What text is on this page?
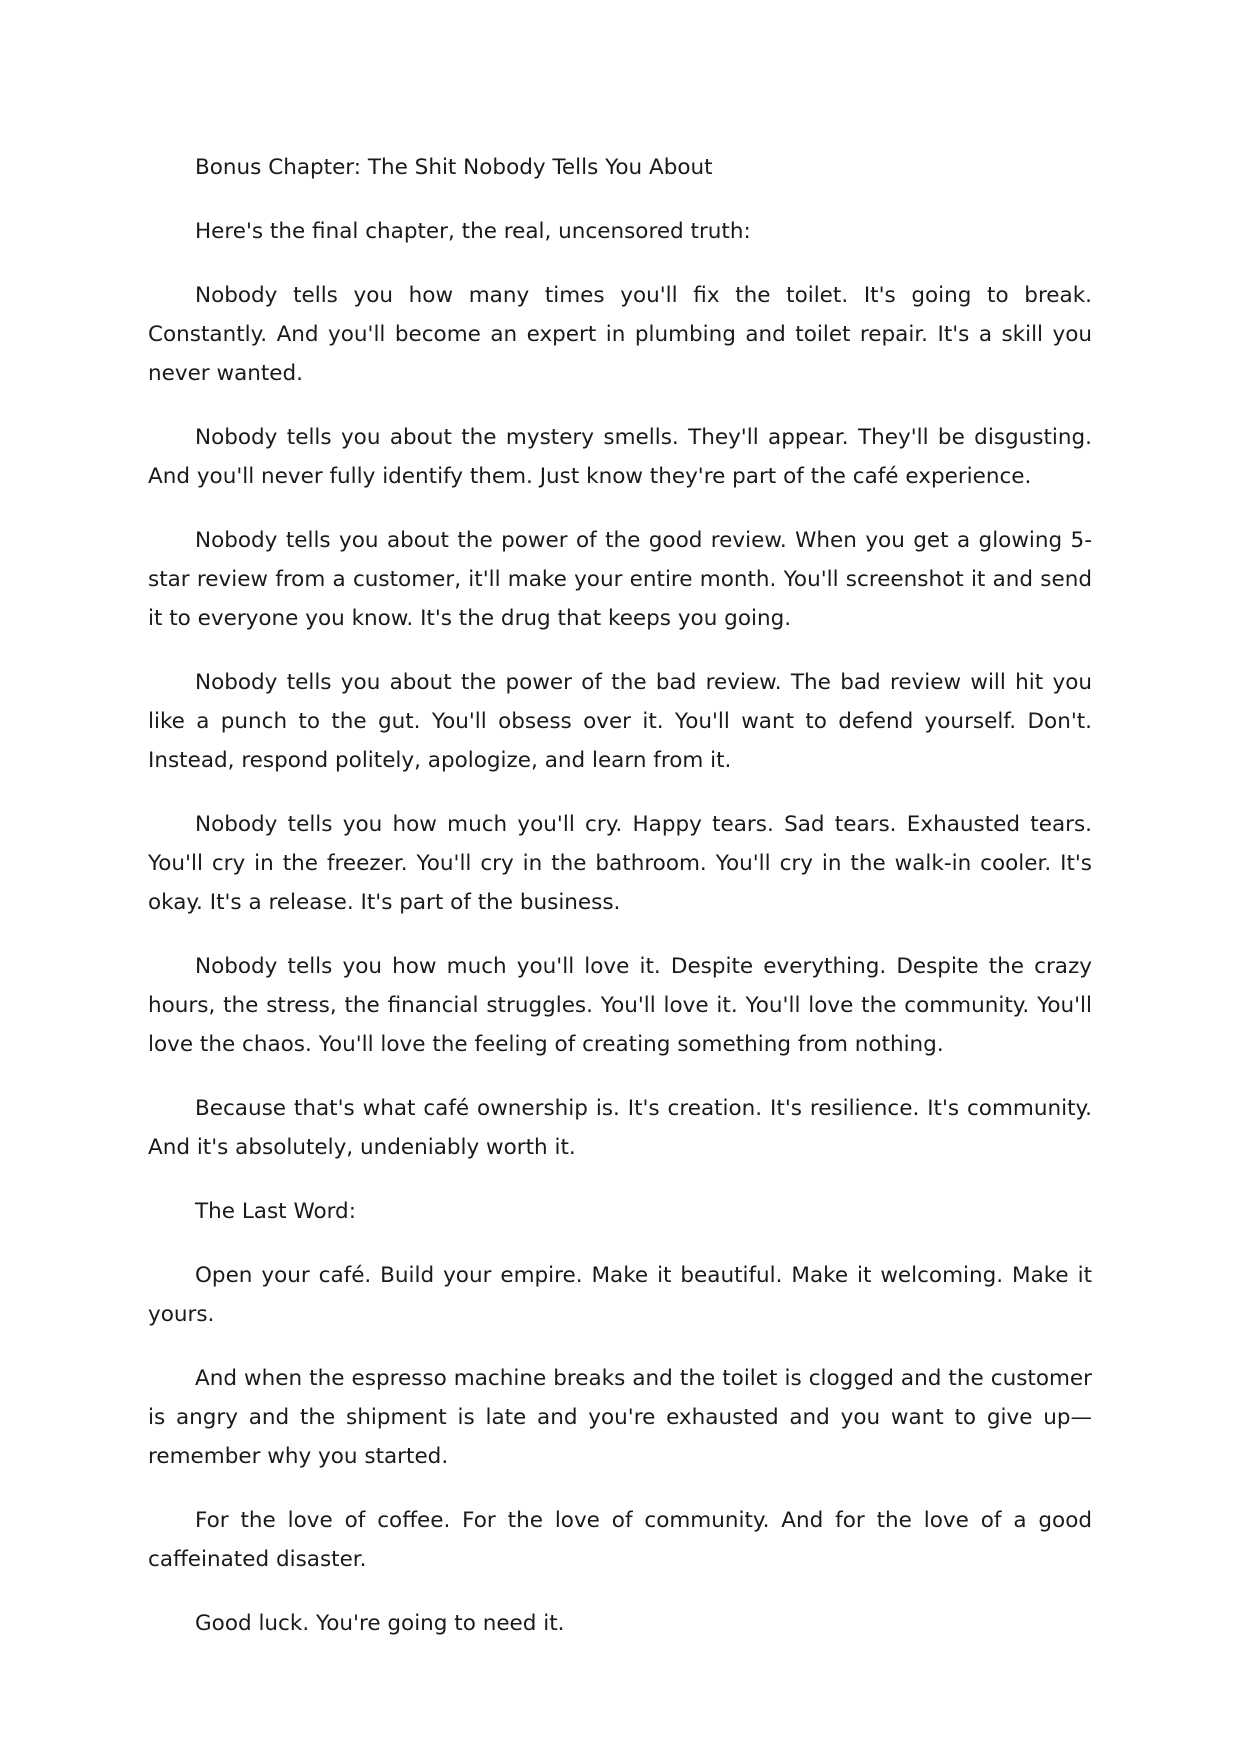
Bonus Chapter: The Shit Nobody Tells You About

Here's the final chapter, the real, uncensored truth:

Nobody tells you how many times you'll fix the toilet. It's going to break. Constantly. And you'll become an expert in plumbing and toilet repair. It's a skill you never wanted.

Nobody tells you about the mystery smells. They'll appear. They'll be disgusting. And you'll never fully identify them. Just know they're part of the café experience.

Nobody tells you about the power of the good review. When you get a glowing 5-star review from a customer, it'll make your entire month. You'll screenshot it and send it to everyone you know. It's the drug that keeps you going.

Nobody tells you about the power of the bad review. The bad review will hit you like a punch to the gut. You'll obsess over it. You'll want to defend yourself. Don't. Instead, respond politely, apologize, and learn from it.

Nobody tells you how much you'll cry. Happy tears. Sad tears. Exhausted tears. You'll cry in the freezer. You'll cry in the bathroom. You'll cry in the walk-in cooler. It's okay. It's a release. It's part of the business.

Nobody tells you how much you'll love it. Despite everything. Despite the crazy hours, the stress, the financial struggles. You'll love it. You'll love the community. You'll love the chaos. You'll love the feeling of creating something from nothing.

Because that's what café ownership is. It's creation. It's resilience. It's community. And it's absolutely, undeniably worth it.

The Last Word:

Open your café. Build your empire. Make it beautiful. Make it welcoming. Make it yours.

And when the espresso machine breaks and the toilet is clogged and the customer is angry and the shipment is late and you're exhausted and you want to give up—remember why you started.

For the love of coffee. For the love of community. And for the love of a good caffeinated disaster.

Good luck. You're going to need it.
